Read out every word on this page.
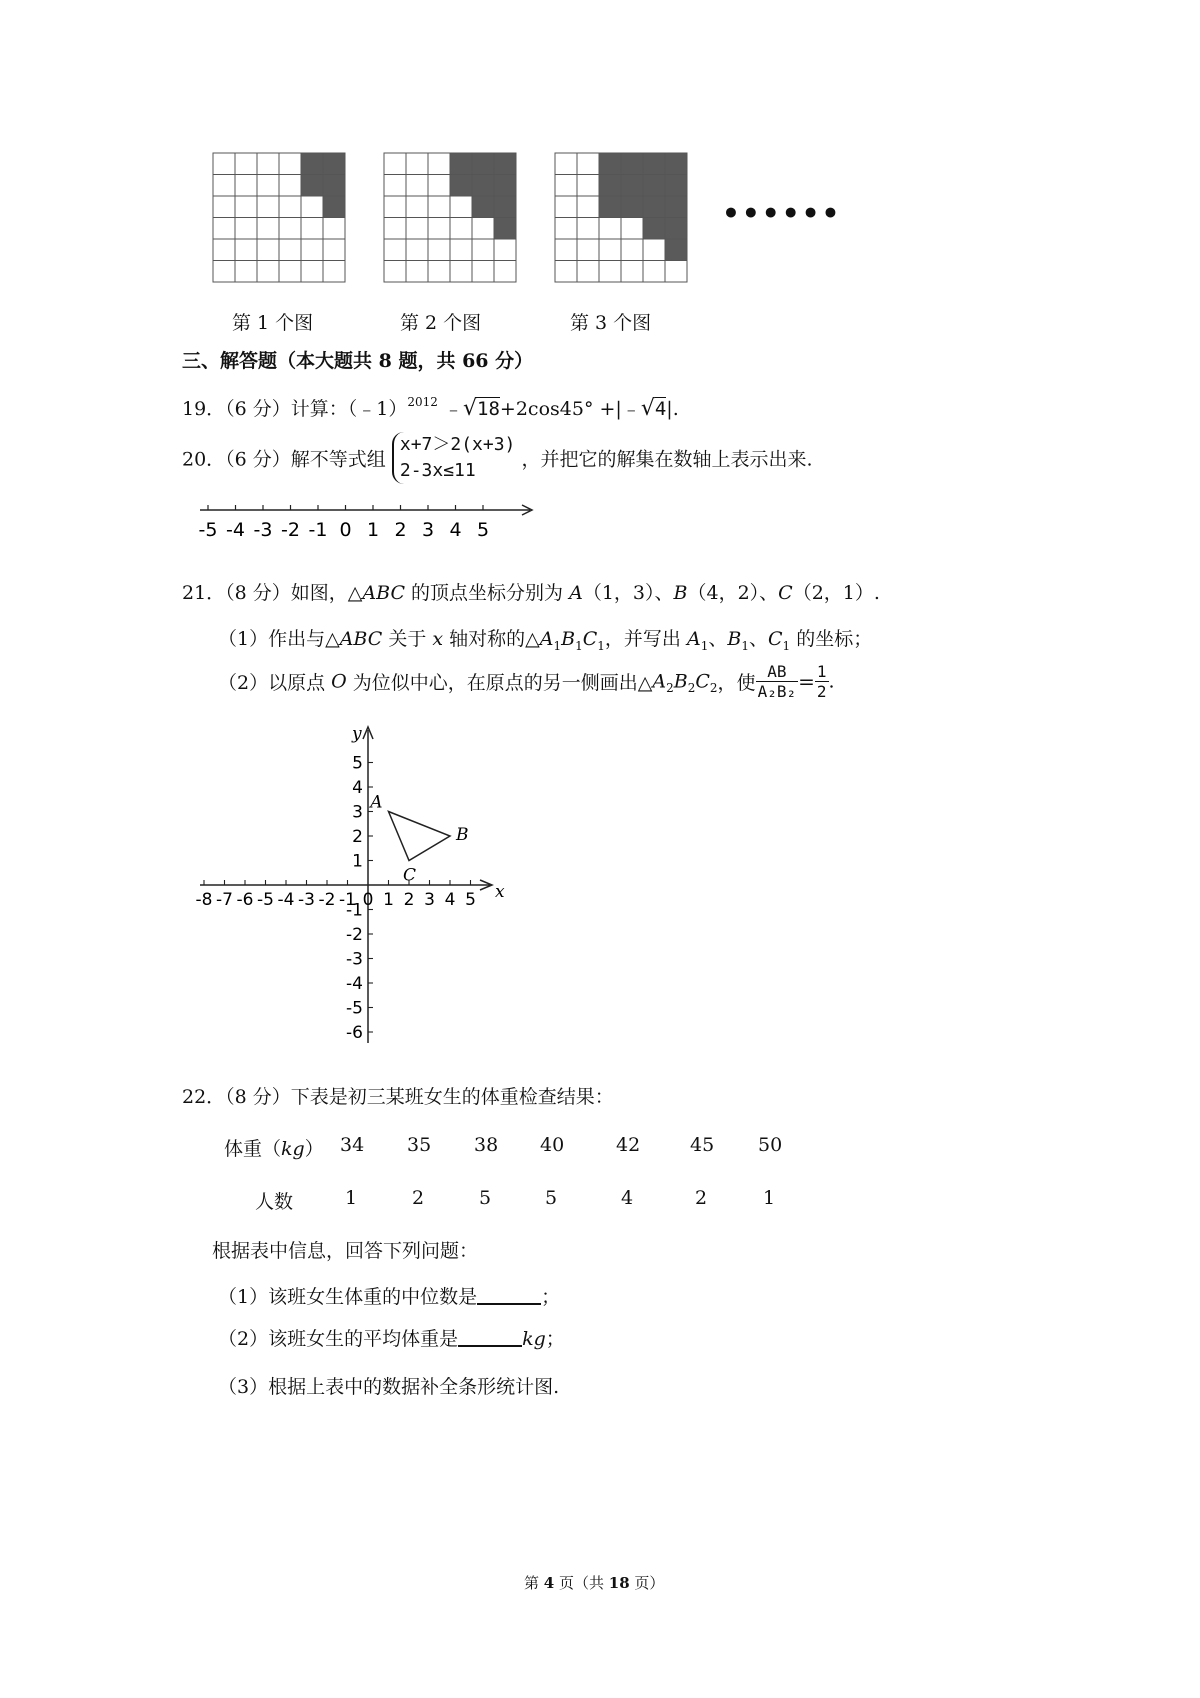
••••••
第 1 个图	第 2 个图	第 3 个图
三、解答题（本大题共 8 题，共 66 分）
19．（6 分）计算：（﹣1）$^{2012}$ ﹣√18+2cos45° +|﹣√4|.
20．（6 分）解不等式组 x+7＞2(x+3)
2-3x≤11 ，并把它的解集在数轴上表示出来.
-5 -4 -3 -2 -1 0 1 2 3 4 5
21．（8 分）如图，△ABC 的顶点坐标分别为 A（1，3）、B（4，2）、C（2，1）.
（1）作出与△ABC 关于 x 轴对称的$\triangle A_1B_1C_1$，并写出 $A_1$、$B_1$、$C_1$ 的坐标；
（2）以原点 O 为位似中心，在原点的另一侧画出$\triangle A_2B_2C_2$，使 $\frac{AB}{\text{A₂B₂}} = \frac{1}{2}$ .
-8 -7 -6 -5 -4 -3 -2 -1 0 1 2 3 4 5
5
4
3
2
1
-1
-2
-3
-4
-5
-6
x
y
A
B
C
22．（8 分）下表是初三某班女生的体重检查结果：
体重（kg） 34 35 38 40	42	45 50
人数	1	2	5	5	4	2	1
根据表中信息，回答下列问题：
（1）该班女生体重的中位数是	；
（2）该班女生的平均体重是	kg；
（3）根据上表中的数据补全条形统计图.
第 4 页（共 18 页）
